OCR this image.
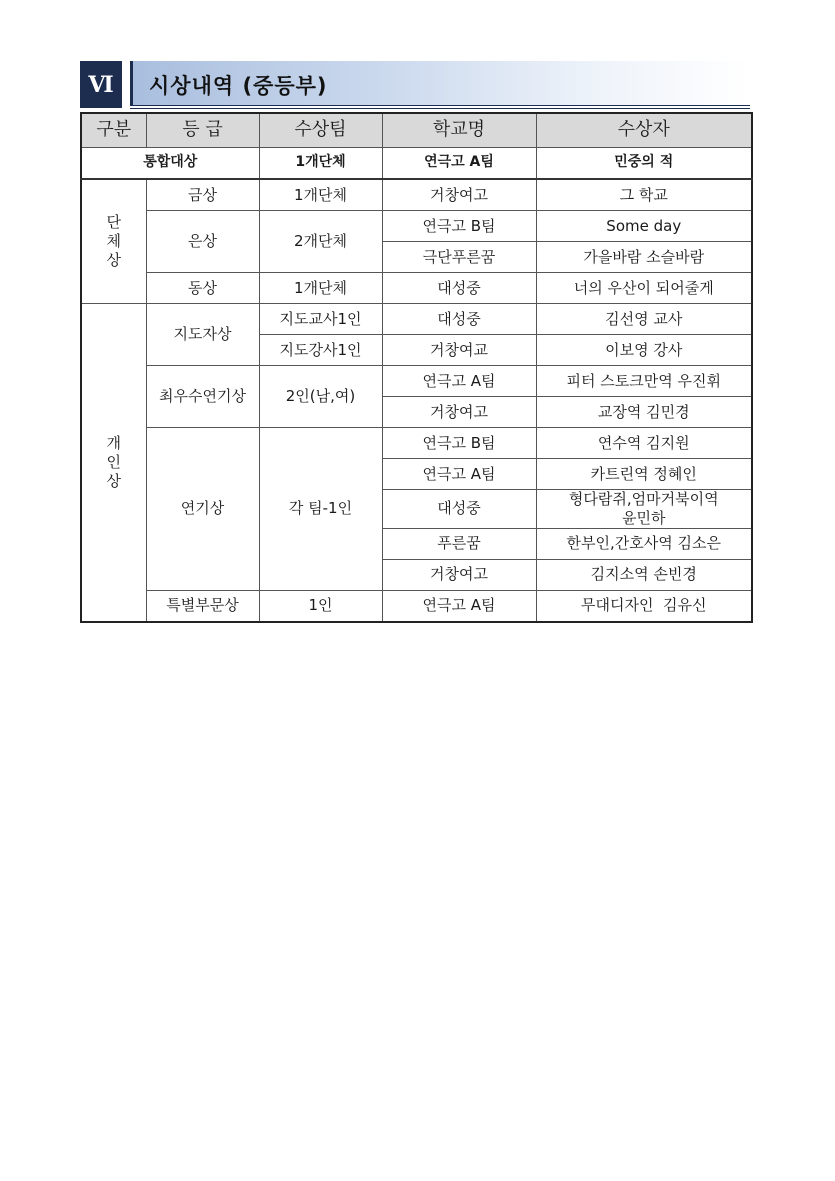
Ⅵ	시상내역 (중등부)
구분	등 급	수상팀	학교명	수상자
통합대상		1개단체	연극고 A팀	민중의 적

단
체
상	금상	1개단체	거창여고	그 학교
	은상	2개단체	연극고 B팀	Some day
			극단푸른꿈	가을바람 소슬바람
	동상	1개단체	대성중	너의 우산이 되어줄게

개
인
상	지도자상	지도교사1인	대성중	김선영 교사
		지도강사1인	거창여교	이보영 강사
	최우수연기상	2인(남,여)	연극고 A팀	피터 스토크만역 우진휘
			거창여고	교장역 김민경
	연기상	각 팀-1인	연극고 B팀	연수역 김지원
			연극고 A팀	카트린역 정혜인
			대성중	형다람쥐,엄마거북이역
윤민하

			푸른꿈	한부인,간호사역 김소은
			거창여고	김지소역 손빈경
	특별부문상	1인	연극고 A팀	무대디자인  김유신
